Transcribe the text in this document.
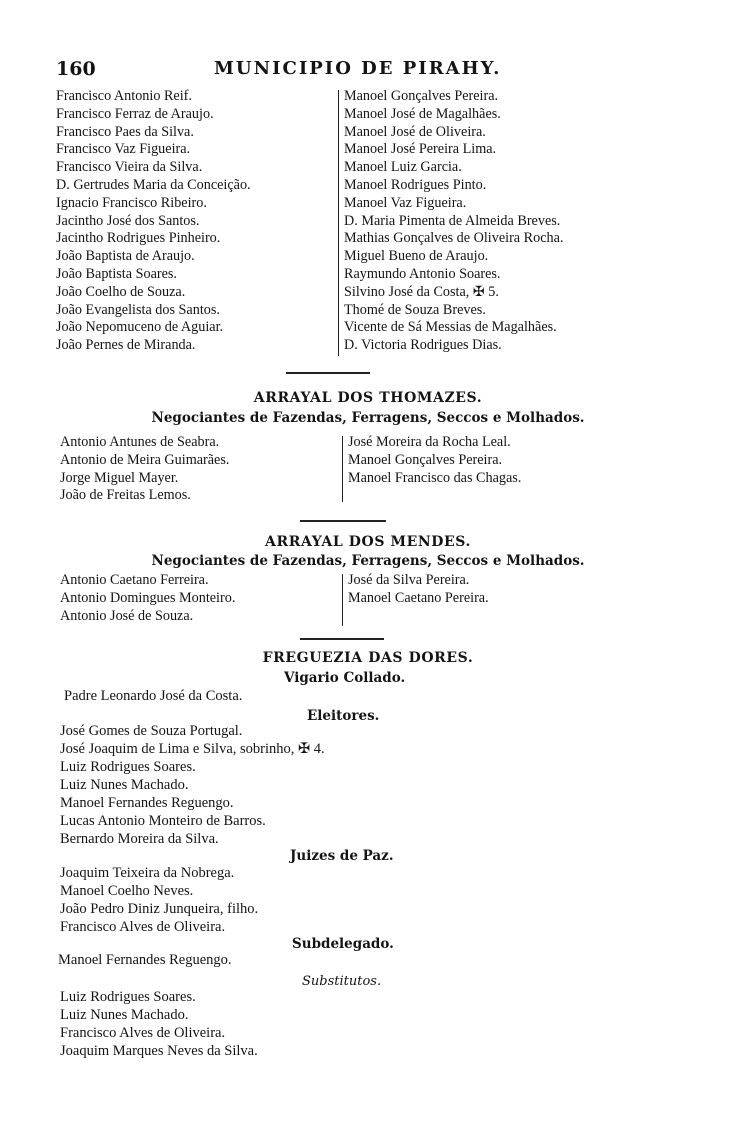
160	MUNICIPIO DE PIRAHY.
Francisco Antonio Reif.
Francisco Ferraz de Araujo.
Francisco Paes da Silva.
Francisco Vaz Figueira.
Francisco Vieira da Silva.
D. Gertrudes Maria da Conceição.
Ignacio Francisco Ribeiro.
Jacintho José dos Santos.
Jacintho Rodrigues Pinheiro.
João Baptista de Araujo.
João Baptista Soares.
João Coelho de Souza.
João Evangelista dos Santos.
João Nepomuceno de Aguiar.
João Pernes de Miranda.
Manoel Gonçalves Pereira.
Manoel José de Magalhães.
Manoel José de Oliveira.
Manoel José Pereira Lima.
Manoel Luiz Garcia.
Manoel Rodrigues Pinto.
Manoel Vaz Figueira.
D. Maria Pimenta de Almeida Breves.
Mathias Gonçalves de Oliveira Rocha.
Miguel Bueno de Araujo.
Raymundo Antonio Soares.
Silvino José da Costa, ✠ 5.
Thomé de Souza Breves.
Vicente de Sá Messias de Magalhães.
D. Victoria Rodrigues Dias.
ARRAYAL DOS THOMAZES.
Negociantes de Fazendas, Ferragens, Seccos e Molhados.
Antonio Antunes de Seabra.
Antonio de Meira Guimarães.
Jorge Miguel Mayer.
João de Freitas Lemos.
José Moreira da Rocha Leal.
Manoel Gonçalves Pereira.
Manoel Francisco das Chagas.
ARRAYAL DOS MENDES.
Negociantes de Fazendas, Ferragens, Seccos e Molhados.
Antonio Caetano Ferreira.
Antonio Domingues Monteiro.
Antonio José de Souza.
José da Silva Pereira.
Manoel Caetano Pereira.
FREGUEZIA DAS DORES.
Vigario Collado.
Padre Leonardo José da Costa.
Eleitores.
José Gomes de Souza Portugal.
José Joaquim de Lima e Silva, sobrinho, ✠ 4.
Luiz Rodrigues Soares.
Luiz Nunes Machado.
Manoel Fernandes Reguengo.
Lucas Antonio Monteiro de Barros.
Bernardo Moreira da Silva.
Juizes de Paz.
Joaquim Teixeira da Nobrega.
Manoel Coelho Neves.
João Pedro Diniz Junqueira, filho.
Francisco Alves de Oliveira.
Subdelegado.
Manoel Fernandes Reguengo.
Substitutos.
Luiz Rodrigues Soares.
Luiz Nunes Machado.
Francisco Alves de Oliveira.
Joaquim Marques Neves da Silva.
